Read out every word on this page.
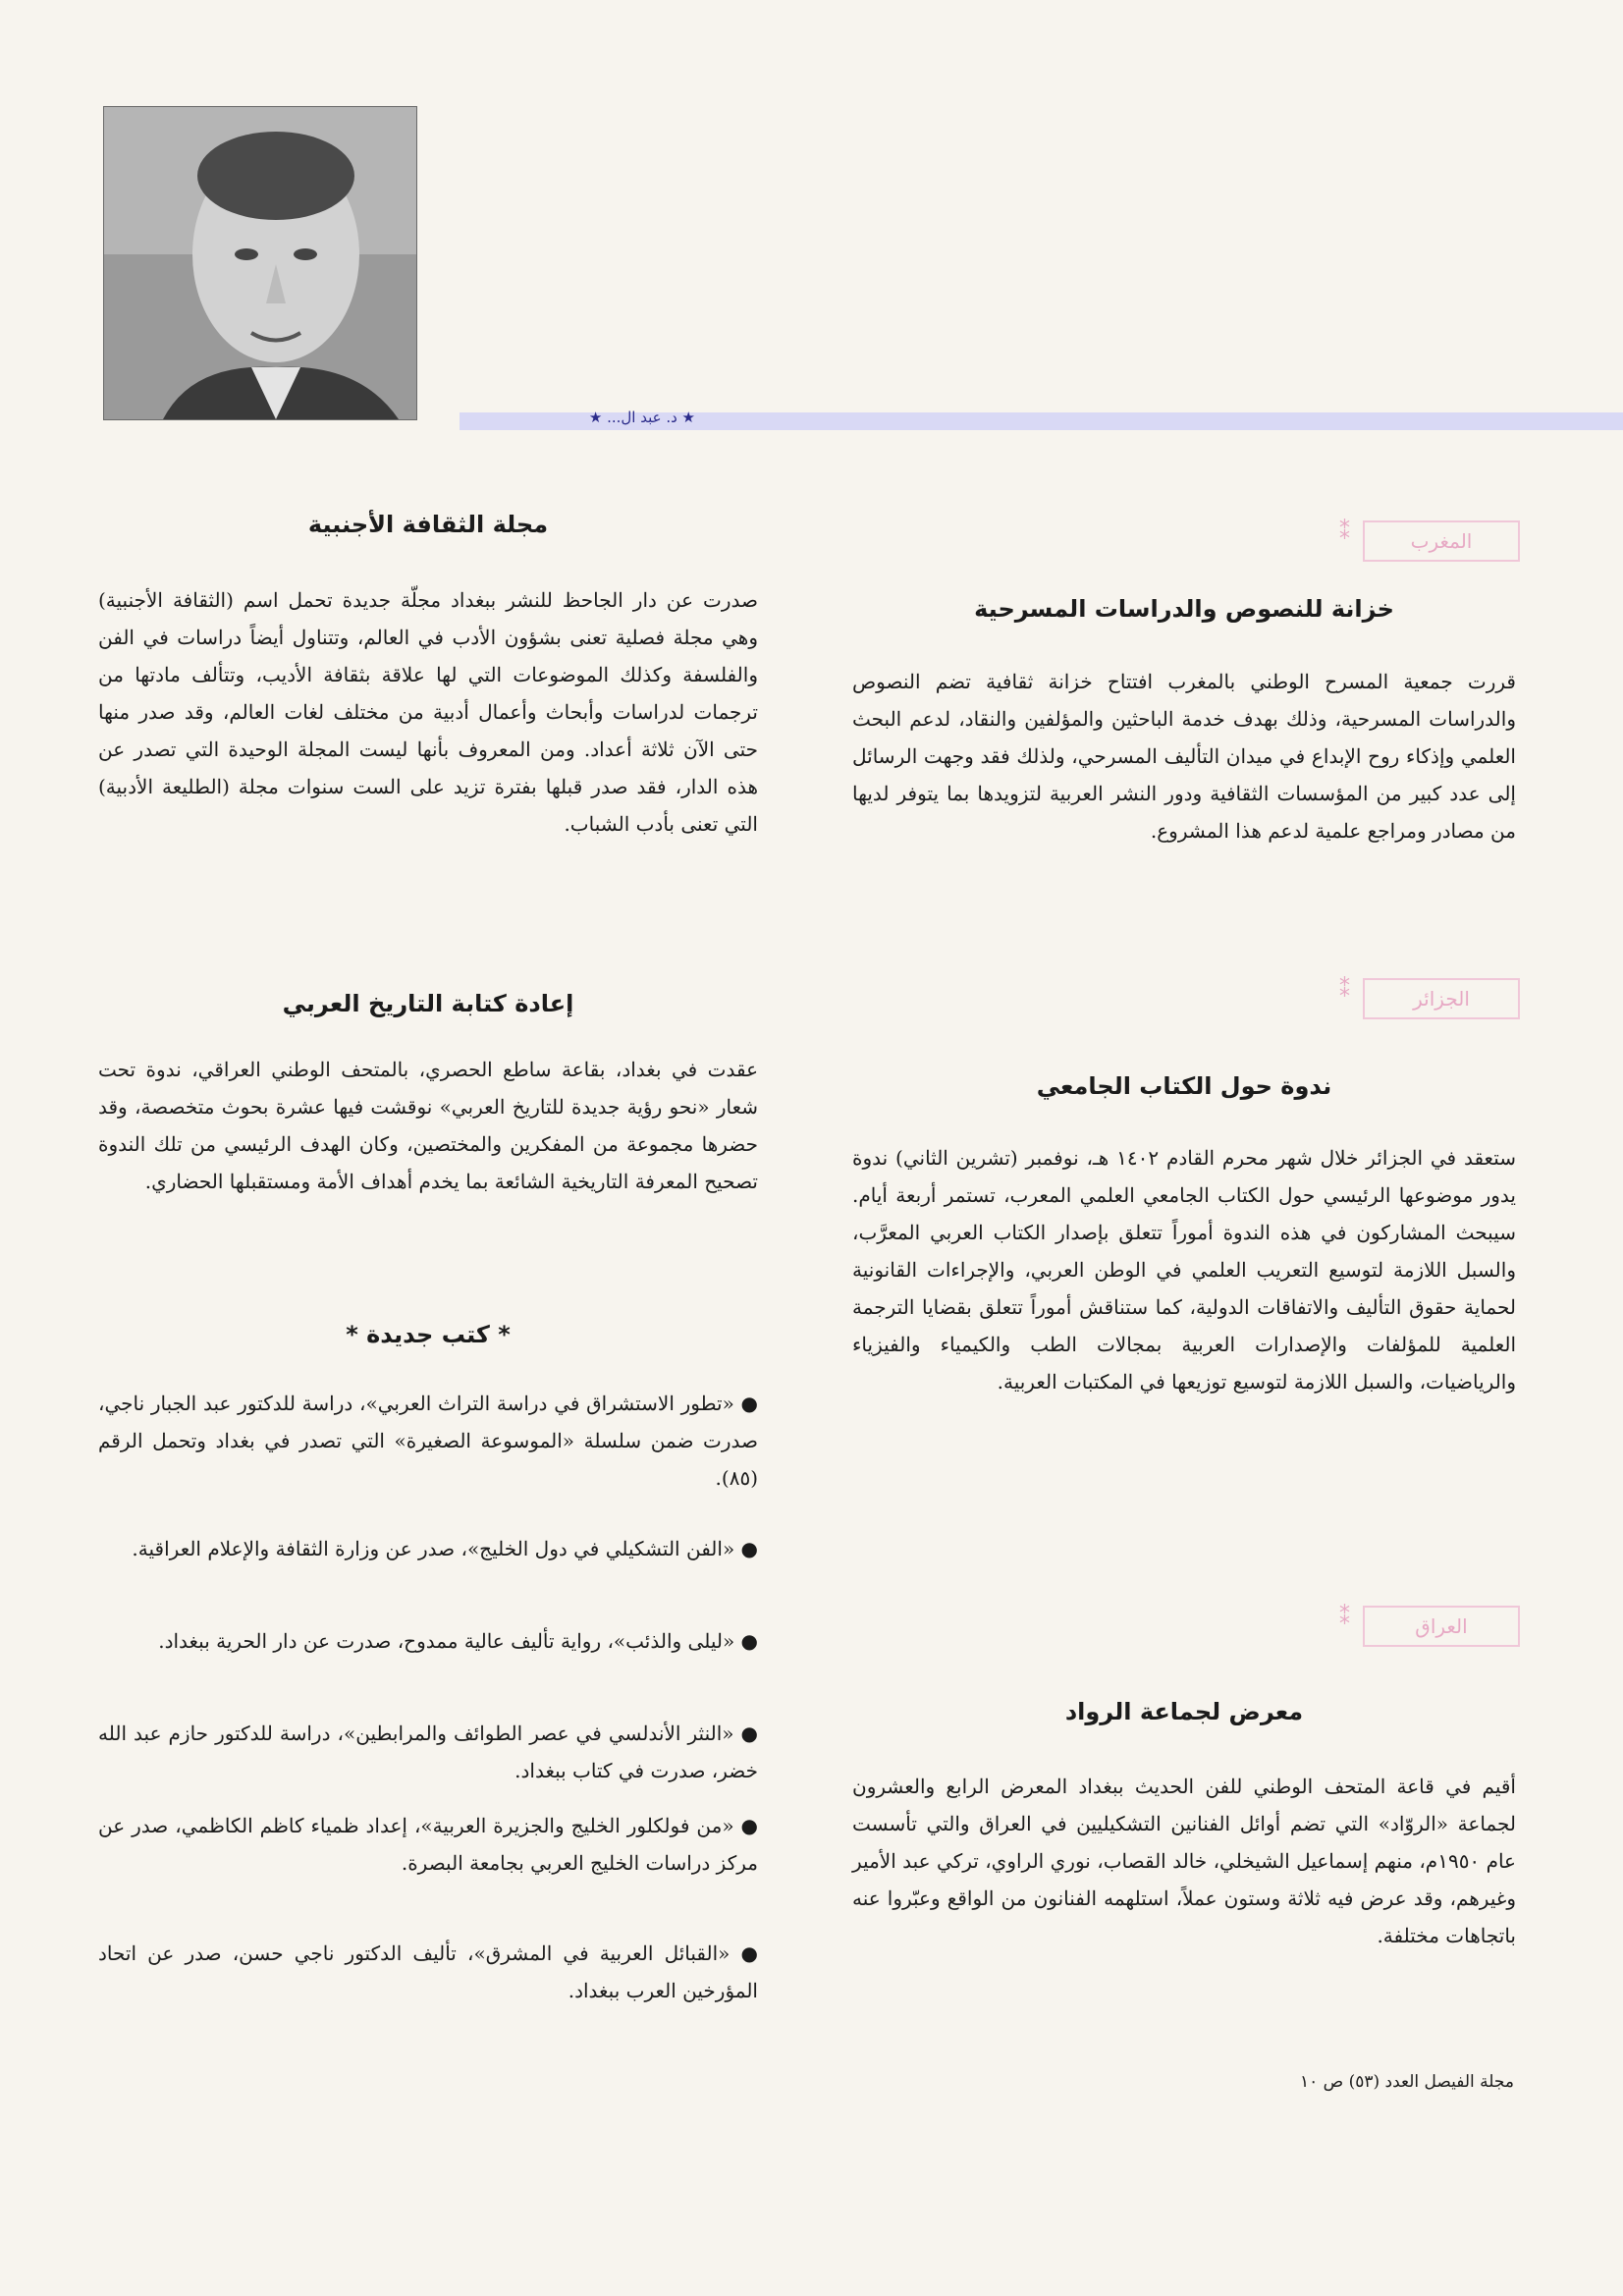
★ د. عبد ال... ★
⁑	المغرب
خزانة للنصوص والدراسات المسرحية

قررت جمعية المسرح الوطني بالمغرب افتتاح خزانة ثقافية تضم النصوص والدراسات المسرحية، وذلك بهدف خدمة الباحثين والمؤلفين والنقاد، لدعم البحث العلمي وإذكاء روح الإبداع في ميدان التأليف المسرحي، ولذلك فقد وجهت الرسائل إلى عدد كبير من المؤسسات الثقافية ودور النشر العربية لتزويدها بما يتوفر لديها من مصادر ومراجع علمية لدعم هذا المشروع.

⁑	الجزائر
ندوة حول الكتاب الجامعي

ستعقد في الجزائر خلال شهر محرم القادم ١٤٠٢ هـ، نوفمبر (تشرين الثاني) ندوة يدور موضوعها الرئيسي حول الكتاب الجامعي العلمي المعرب، تستمر أربعة أيام. سيبحث المشاركون في هذه الندوة أموراً تتعلق بإصدار الكتاب العربي المعرَّب، والسبل اللازمة لتوسيع التعريب العلمي في الوطن العربي، والإجراءات القانونية لحماية حقوق التأليف والاتفاقات الدولية، كما ستناقش أموراً تتعلق بقضايا الترجمة العلمية للمؤلفات والإصدارات العربية بمجالات الطب والكيمياء والفيزياء والرياضيات، والسبل اللازمة لتوسيع توزيعها في المكتبات العربية.

⁑	العراق
معرض لجماعة الرواد

أقيم في قاعة المتحف الوطني للفن الحديث ببغداد المعرض الرابع والعشرون لجماعة «الروّاد» التي تضم أوائل الفنانين التشكيليين في العراق والتي تأسست عام ١٩٥٠م، منهم إسماعيل الشيخلي، خالد القصاب، نوري الراوي، تركي عبد الأمير وغيرهم، وقد عرض فيه ثلاثة وستون عملاً، استلهمه الفنانون من الواقع وعبّروا عنه باتجاهات مختلفة.

مجلة الثقافة الأجنبية

صدرت عن دار الجاحظ للنشر ببغداد مجلّة جديدة تحمل اسم (الثقافة الأجنبية) وهي مجلة فصلية تعنى بشؤون الأدب في العالم، وتتناول أيضاً دراسات في الفن والفلسفة وكذلك الموضوعات التي لها علاقة بثقافة الأديب، وتتألف مادتها من ترجمات لدراسات وأبحاث وأعمال أدبية من مختلف لغات العالم، وقد صدر منها حتى الآن ثلاثة أعداد. ومن المعروف بأنها ليست المجلة الوحيدة التي تصدر عن هذه الدار، فقد صدر قبلها بفترة تزيد على الست سنوات مجلة (الطليعة الأدبية) التي تعنى بأدب الشباب.

إعادة كتابة التاريخ العربي

عقدت في بغداد، بقاعة ساطع الحصري، بالمتحف الوطني العراقي، ندوة تحت شعار «نحو رؤية جديدة للتاريخ العربي» نوقشت فيها عشرة بحوث متخصصة، وقد حضرها مجموعة من المفكرين والمختصين، وكان الهدف الرئيسي من تلك الندوة تصحيح المعرفة التاريخية الشائعة بما يخدم أهداف الأمة ومستقبلها الحضاري.

* كتب جديدة *

● «تطور الاستشراق في دراسة التراث العربي»، دراسة للدكتور عبد الجبار ناجي، صدرت ضمن سلسلة «الموسوعة الصغيرة» التي تصدر في بغداد وتحمل الرقم (٨٥).

● «الفن التشكيلي في دول الخليج»، صدر عن وزارة الثقافة والإعلام العراقية.

● «ليلى والذئب»، رواية تأليف عالية ممدوح، صدرت عن دار الحرية ببغداد.

● «النثر الأندلسي في عصر الطوائف والمرابطين»، دراسة للدكتور حازم عبد الله خضر، صدرت في كتاب ببغداد.

● «من فولكلور الخليج والجزيرة العربية»، إعداد ظمياء كاظم الكاظمي، صدر عن مركز دراسات الخليج العربي بجامعة البصرة.

● «القبائل العربية في المشرق»، تأليف الدكتور ناجي حسن، صدر عن اتحاد المؤرخين العرب ببغداد.

مجلة الفيصل العدد (٥٣) ص ١٠
